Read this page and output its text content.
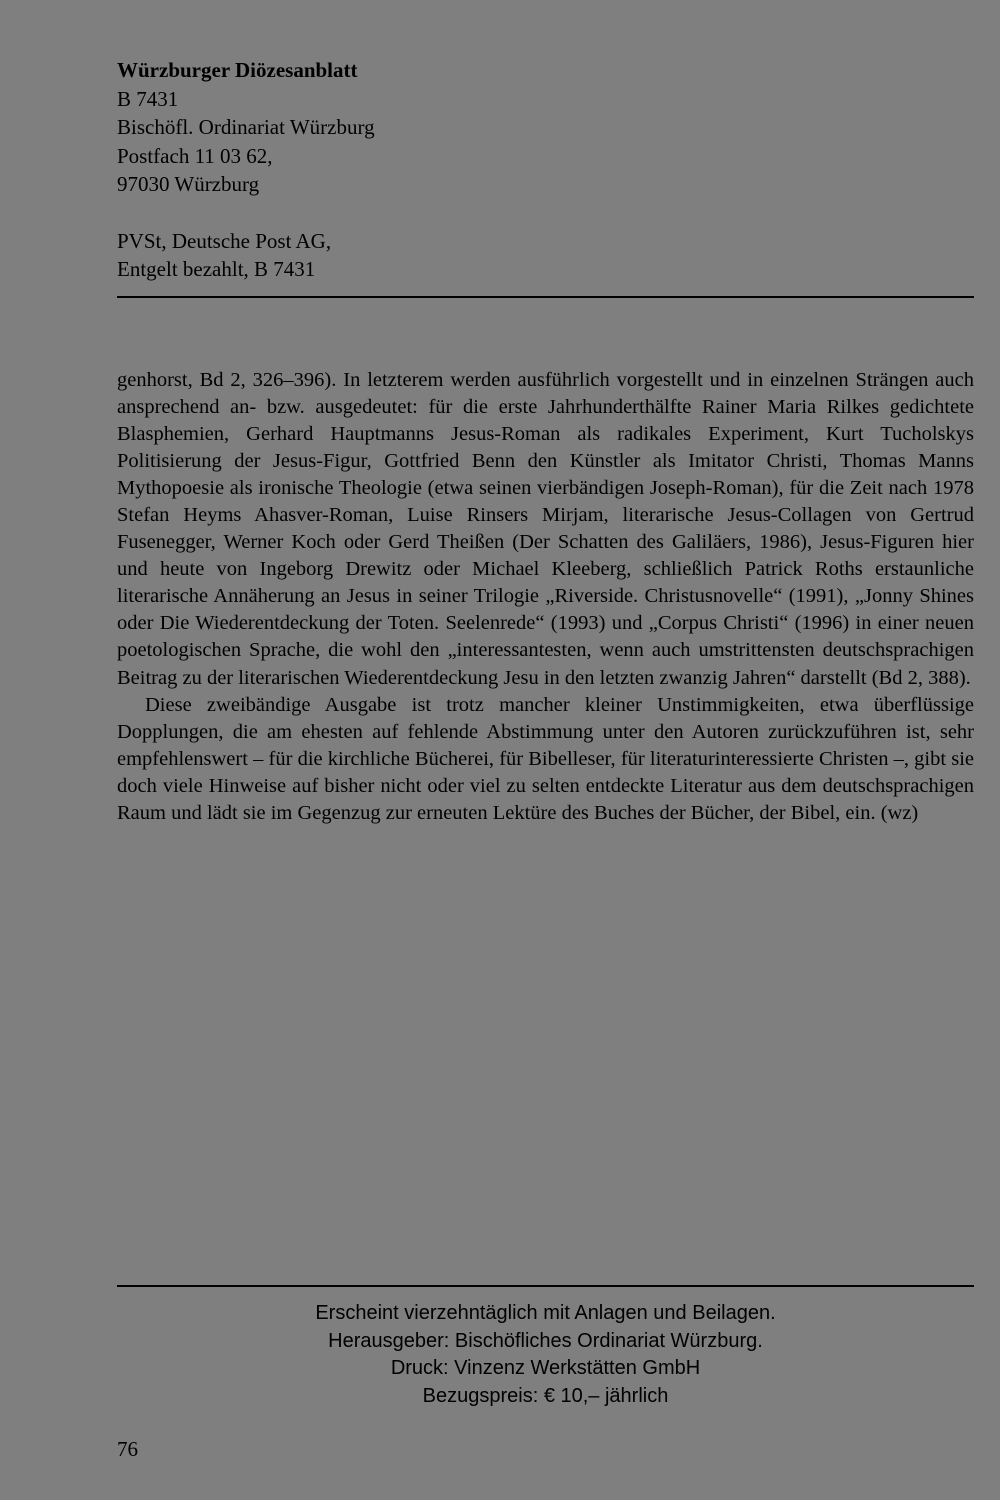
Würzburger Diözesanblatt
B 7431
Bischöfl. Ordinariat Würzburg
Postfach 11 03 62,
97030 Würzburg
PVSt, Deutsche Post AG,
Entgelt bezahlt, B 7431

genhorst, Bd 2, 326–396). In letzterem werden ausführlich vorgestellt und in einzelnen Strängen auch ansprechend an- bzw. ausgedeutet: für die erste Jahrhunderthälfte Rainer Maria Rilkes gedichtete Blasphemien, Gerhard Hauptmanns Jesus-Roman als radikales Experiment, Kurt Tucholskys Politisierung der Jesus-Figur, Gottfried Benn den Künstler als Imitator Christi, Thomas Manns Mythopoesie als ironische Theologie (etwa seinen vierbändigen Joseph-Roman), für die Zeit nach 1978 Stefan Heyms Ahasver-Roman, Luise Rinsers Mirjam, literarische Jesus-Collagen von Gertrud Fusenegger, Werner Koch oder Gerd Theißen (Der Schatten des Galiläers, 1986), Jesus-Figuren hier und heute von Ingeborg Drewitz oder Michael Kleeberg, schließlich Patrick Roths erstaunliche literarische Annäherung an Jesus in seiner Trilogie „Riverside. Christusnovelle“ (1991), „Jonny Shines oder Die Wiederentdeckung der Toten. Seelenrede“ (1993) und „Corpus Christi“ (1996) in einer neuen poetologischen Sprache, die wohl den „interessantesten, wenn auch umstrittensten deutschsprachigen Beitrag zu der literarischen Wiederentdeckung Jesu in den letzten zwanzig Jahren“ darstellt (Bd 2, 388).

Diese zweibändige Ausgabe ist trotz mancher kleiner Unstimmigkeiten, etwa überflüssige Dopplungen, die am ehesten auf fehlende Abstimmung unter den Autoren zurückzuführen ist, sehr empfehlenswert – für die kirchliche Bücherei, für Bibelleser, für literaturinteressierte Christen –, gibt sie doch viele Hinweise auf bisher nicht oder viel zu selten entdeckte Literatur aus dem deutschsprachigen Raum und lädt sie im Gegenzug zur erneuten Lektüre des Buches der Bücher, der Bibel, ein. (wz)

Erscheint vierzehntäglich mit Anlagen und Beilagen.
Herausgeber: Bischöfliches Ordinariat Würzburg.
Druck: Vinzenz Werkstätten GmbH
Bezugspreis: € 10,– jährlich
76
